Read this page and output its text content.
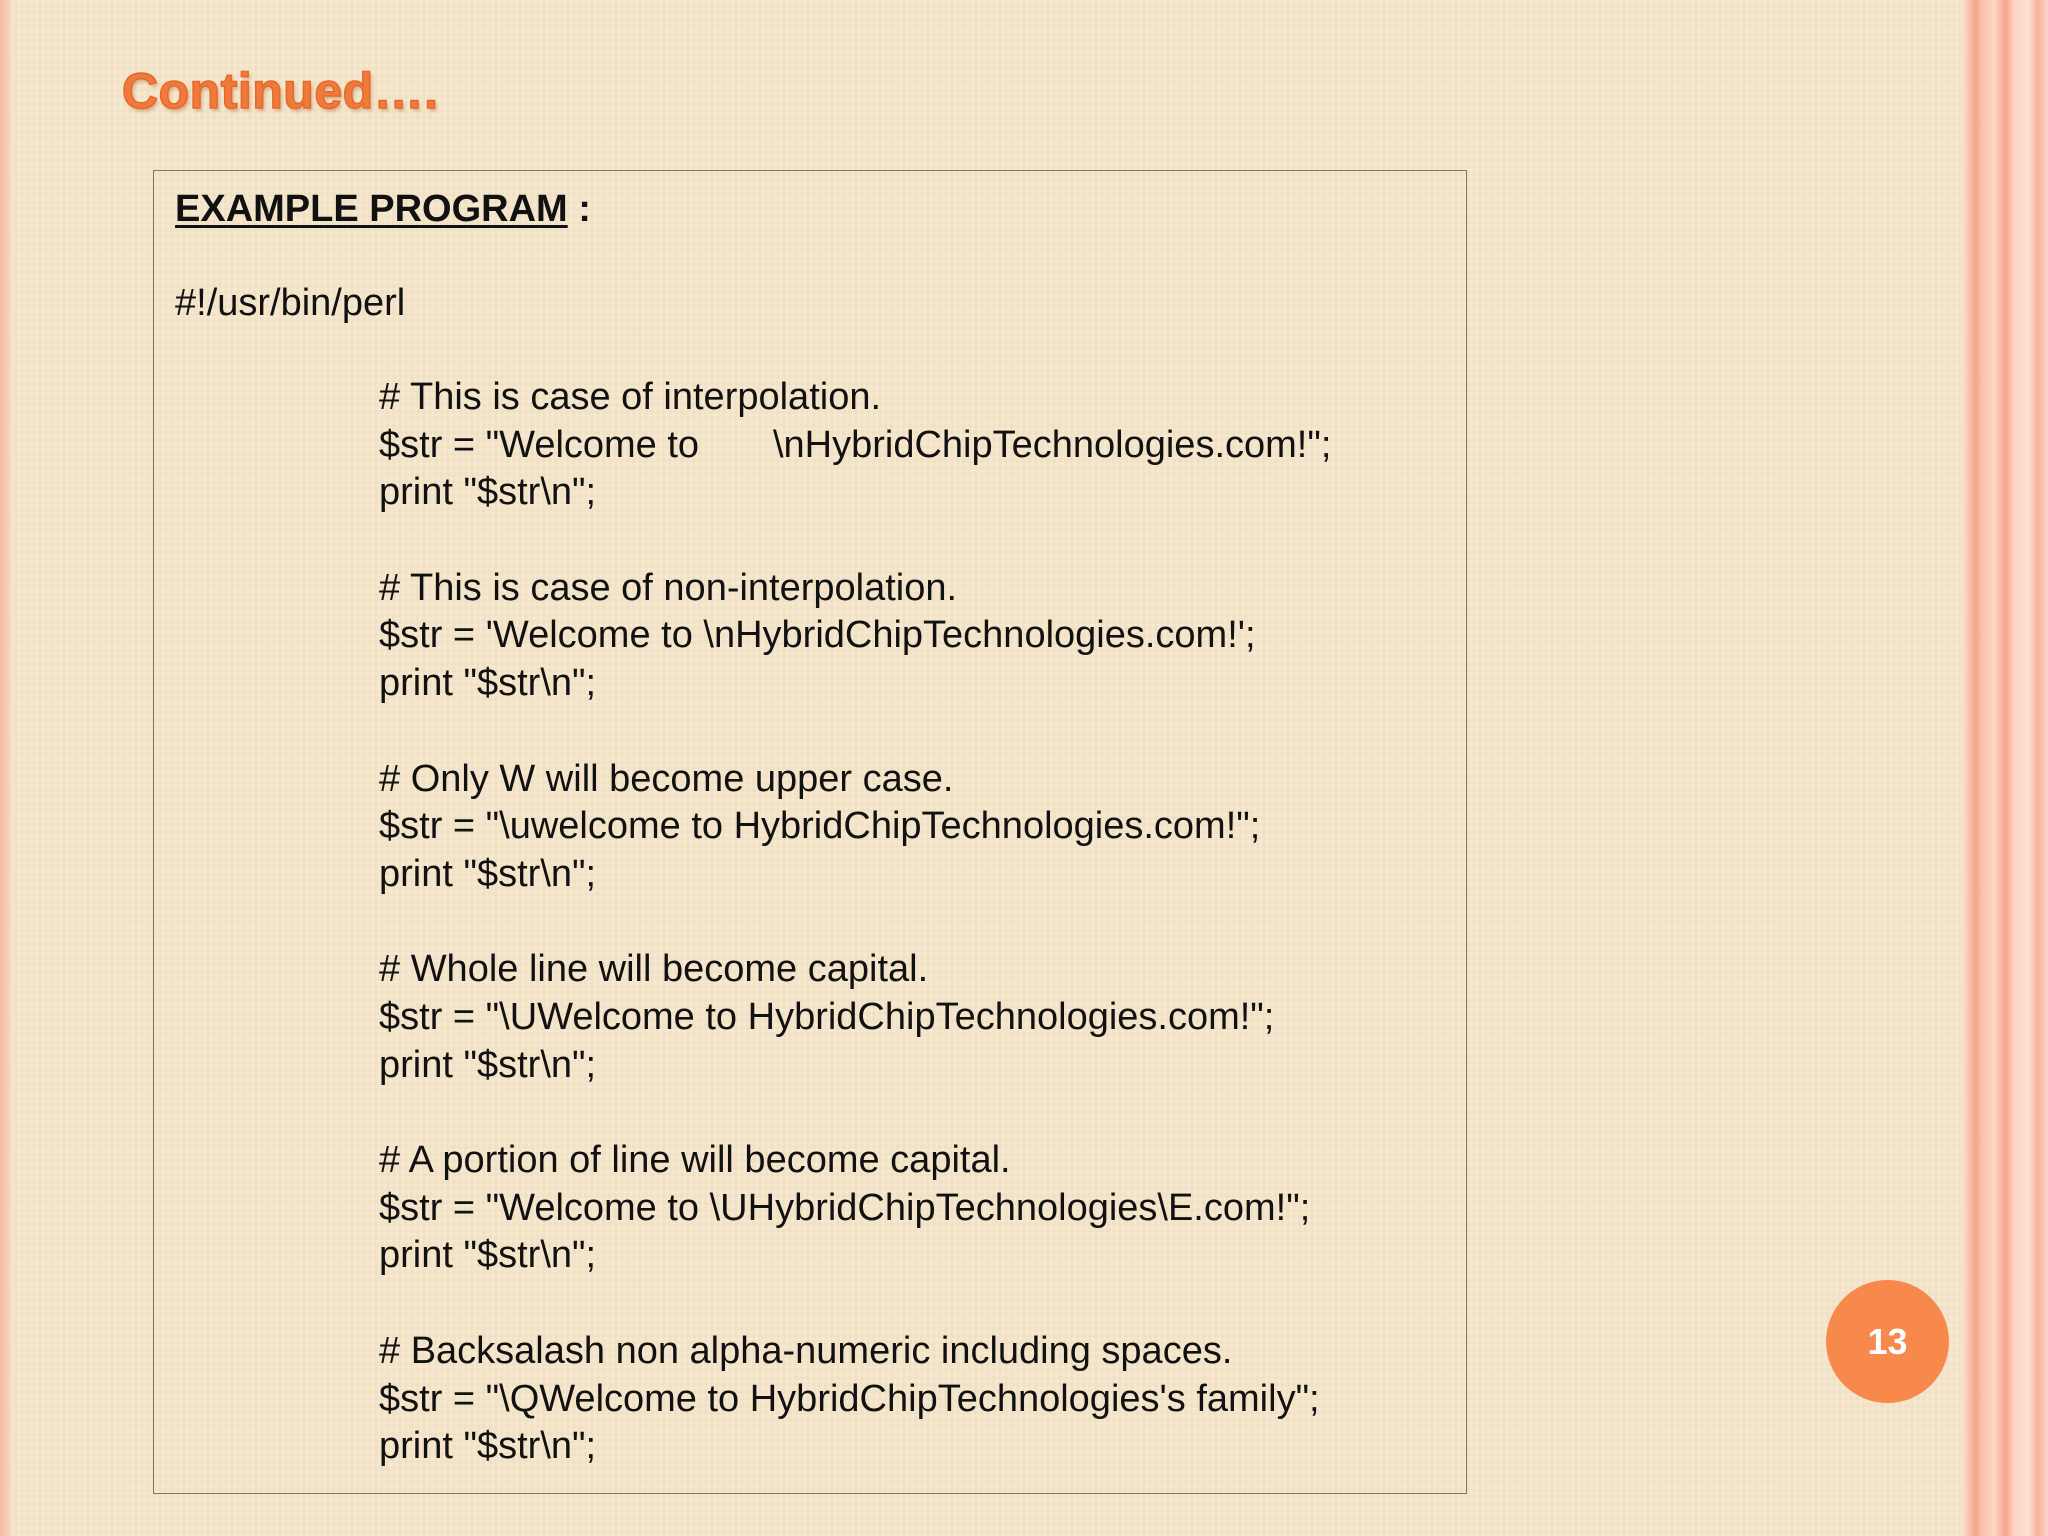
Continued….
EXAMPLE PROGRAM :
#!/usr/bin/perl
# This is case of interpolation.
$str = "Welcome to       \nHybridChipTechnologies.com!";
print "$str\n";
# This is case of non-interpolation.
$str = 'Welcome to \nHybridChipTechnologies.com!';
print "$str\n";
# Only W will become upper case.
$str = "\uwelcome to HybridChipTechnologies.com!";
print "$str\n";
# Whole line will become capital.
$str = "\UWelcome to HybridChipTechnologies.com!";
print "$str\n";
# A portion of line will become capital.
$str = "Welcome to \UHybridChipTechnologies\E.com!";
print "$str\n";
# Backsalash non alpha-numeric including spaces.
$str = "\QWelcome to HybridChipTechnologies's family";
print "$str\n";
13
